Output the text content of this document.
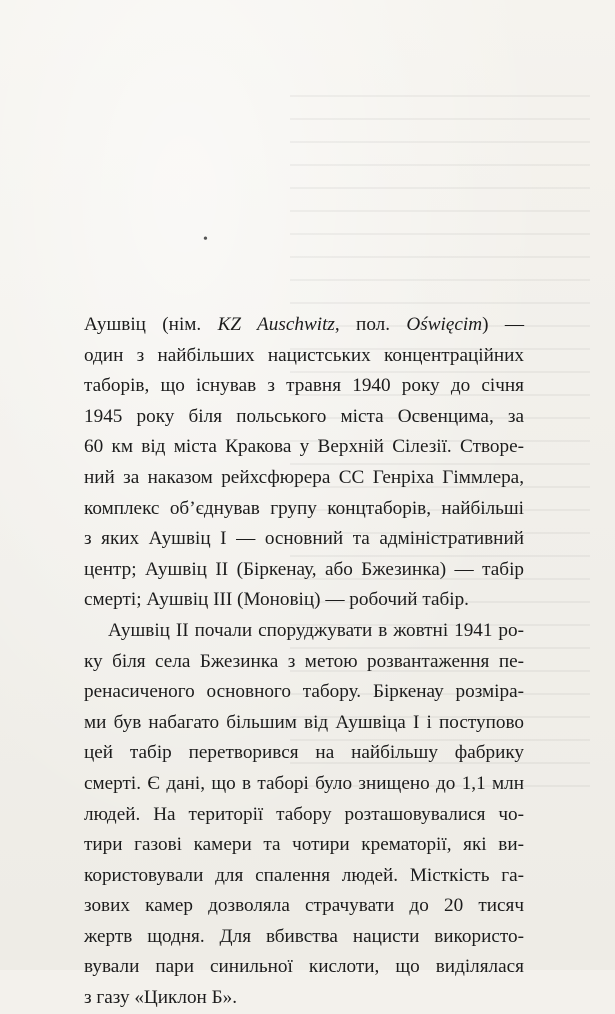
•

Аушвіц (нім. KZ Auschwitz, пол. Oświęcim) —

один з найбільших нацистських концентраційних

таборів, що існував з травня 1940 року до січня

1945 року біля польського міста Освенцима, за

60 км від міста Кракова у Верхній Сілезії. Створе-

ний за наказом рейхсфюрера СС Генріха Гіммлера,

комплекс об’єднував групу концтаборів, найбільші

з яких Аушвіц I — основний та адміністративний

центр; Аушвіц II (Біркенау, або Бжезинка) — табір

смерті; Аушвіц III (Моновіц) — робочий табір.

Аушвіц II почали споруджувати в жовтні 1941 ро-

ку біля села Бжезинка з метою розвантаження пе-

ренасиченого основного табору. Біркенау розміра-

ми був набагато більшим від Аушвіца I і поступово

цей табір перетворився на найбільшу фабрику

смерті. Є дані, що в таборі було знищено до 1,1 млн

людей. На території табору розташовувалися чо-

тири газові камери та чотири крематорії, які ви-

користовували для спалення людей. Місткість га-

зових камер дозволяла страчувати до 20 тисяч

жертв щодня. Для вбивства нацисти використо-

вували пари синильної кислоти, що виділялася

з газу «Циклон Б».
